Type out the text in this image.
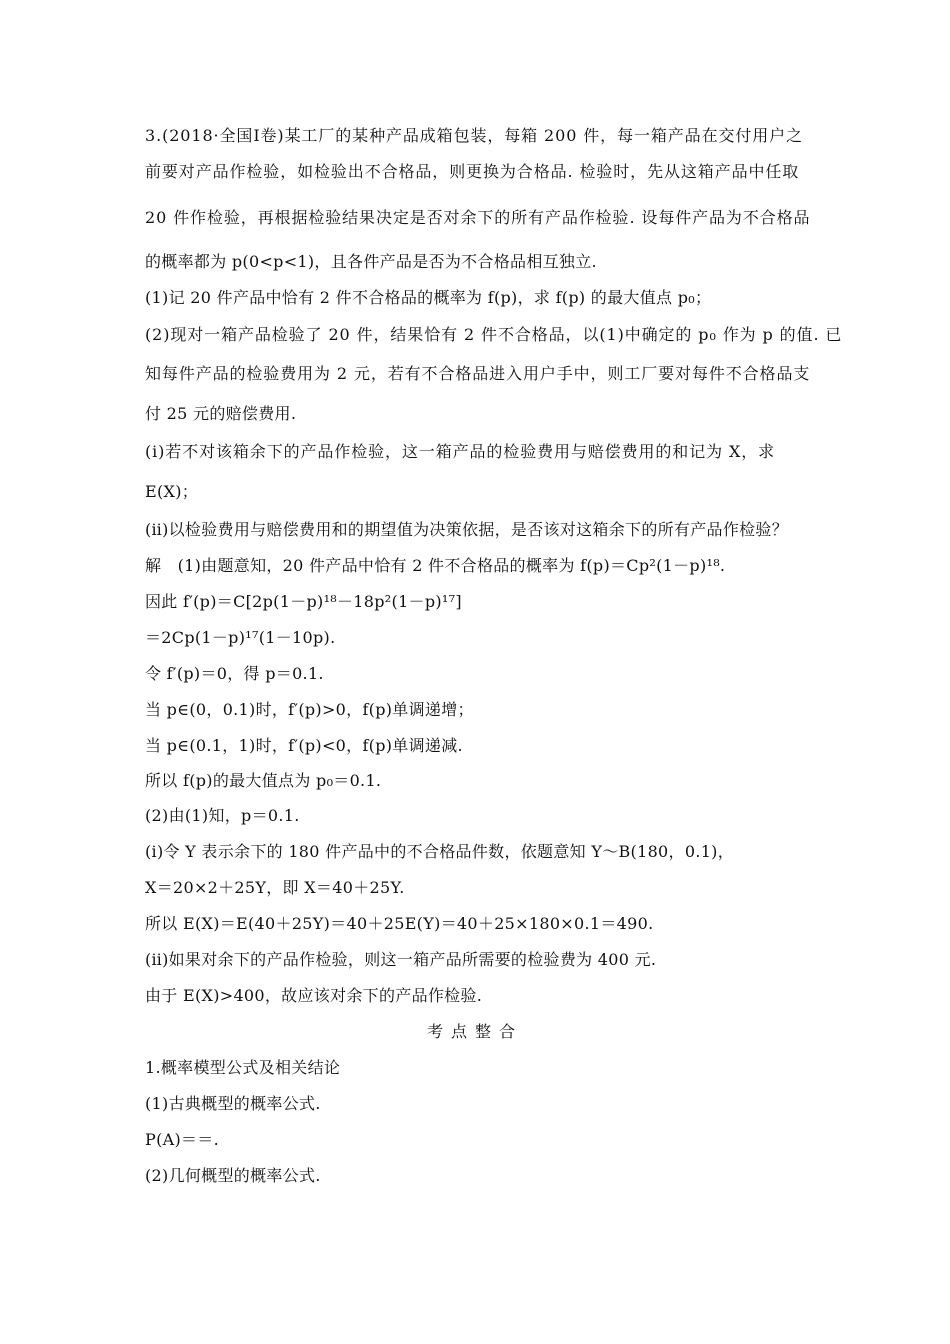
3.(2018·全国Ⅰ卷)某工厂的某种产品成箱包装，每箱 200 件，每一箱产品在交付用户之
前要对产品作检验，如检验出不合格品，则更换为合格品. 检验时，先从这箱产品中任取
20 件作检验，再根据检验结果决定是否对余下的所有产品作检验. 设每件产品为不合格品
的概率都为 p(0<p<1)，且各件产品是否为不合格品相互独立.
(1)记 20 件产品中恰有 2 件不合格品的概率为 f(p)，求 f(p) 的最大值点 p₀；
(2)现对一箱产品检验了 20 件，结果恰有 2 件不合格品，以(1)中确定的 p₀ 作为 p 的值. 已
知每件产品的检验费用为 2 元，若有不合格品进入用户手中，则工厂要对每件不合格品支
付 25 元的赔偿费用.
(ⅰ)若不对该箱余下的产品作检验，这一箱产品的检验费用与赔偿费用的和记为 X，求
E(X)；
(ⅱ)以检验费用与赔偿费用和的期望值为决策依据，是否该对这箱余下的所有产品作检验？
解　(1)由题意知，20 件产品中恰有 2 件不合格品的概率为 f(p)＝Cp²(1－p)¹⁸.
因此 f′(p)＝C[2p(1－p)¹⁸－18p²(1－p)¹⁷]
＝2Cp(1－p)¹⁷(1－10p).
令 f′(p)＝0，得 p＝0.1.
当 p∈(0，0.1)时，f′(p)>0，f(p)单调递增；
当 p∈(0.1，1)时，f′(p)<0，f(p)单调递减.
所以 f(p)的最大值点为 p₀＝0.1.
(2)由(1)知，p＝0.1.
(ⅰ)令 Y 表示余下的 180 件产品中的不合格品件数，依题意知 Y～B(180，0.1)，
X＝20×2＋25Y，即 X＝40＋25Y.
所以 E(X)＝E(40＋25Y)＝40＋25E(Y)＝40＋25×180×0.1＝490.
(ⅱ)如果对余下的产品作检验，则这一箱产品所需要的检验费为 400 元.
由于 E(X)>400，故应该对余下的产品作检验.
考点整合
1.概率模型公式及相关结论
(1)古典概型的概率公式.
P(A)＝＝.
(2)几何概型的概率公式.
